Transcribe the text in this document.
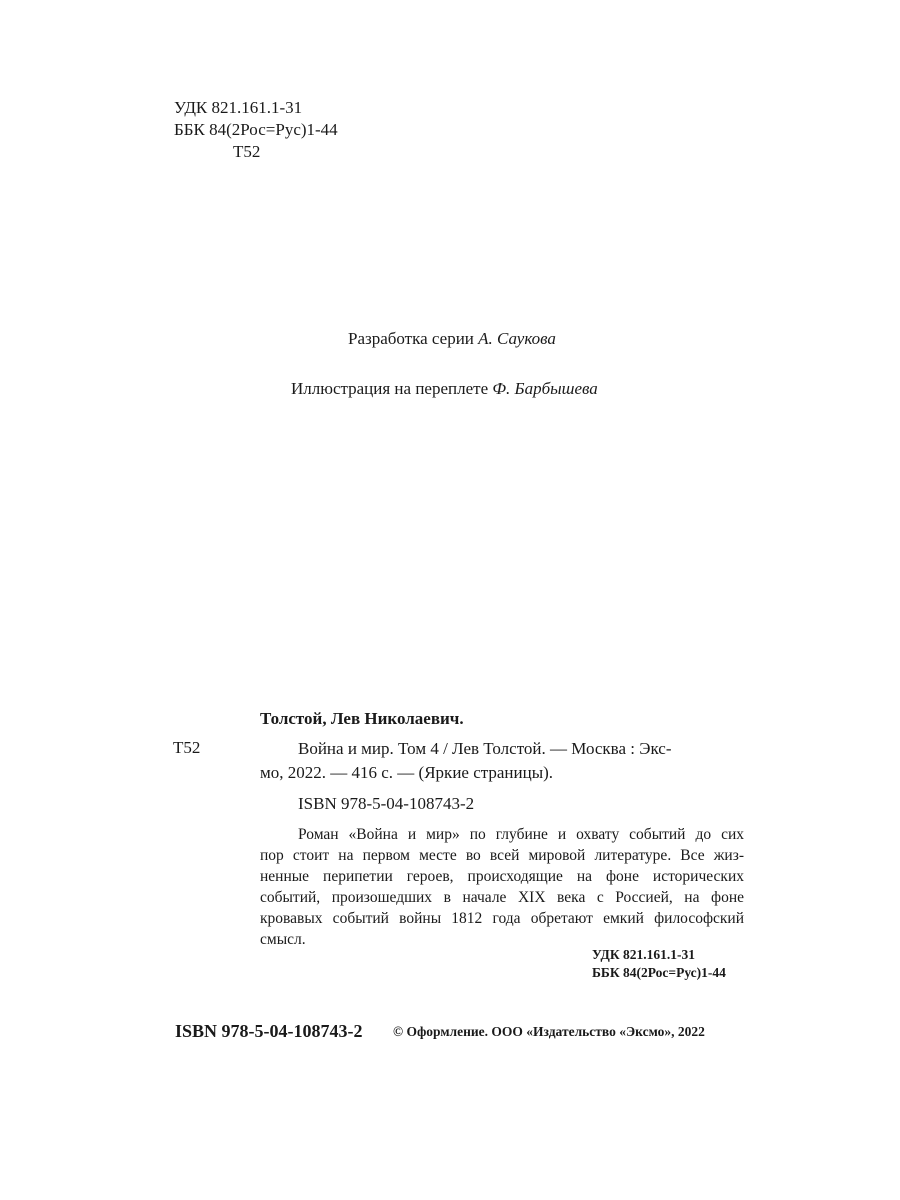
УДК 821.161.1-31
ББК 84(2Рос=Рус)1-44
Т52
Разработка серии А. Саукова
Иллюстрация на переплете Ф. Барбышева
Толстой, Лев Николаевич.
Т52	Война и мир. Том 4 / Лев Толстой. — Москва : Экс-
мо, 2022. — 416 с. — (Яркие страницы).
ISBN 978-5-04-108743-2
Роман «Война и мир» по глубине и охвату событий до сих
пор стоит на первом месте во всей мировой литературе. Все жиз-
ненные перипетии героев, происходящие на фоне исторических
событий, произошедших в начале XIX века с Россией, на фоне
кровавых событий войны 1812 года обретают емкий философский
смысл.
УДК 821.161.1-31
ББК 84(2Рос=Рус)1-44
ISBN 978-5-04-108743-2 © Оформление. ООО «Издательство «Эксмо», 2022
